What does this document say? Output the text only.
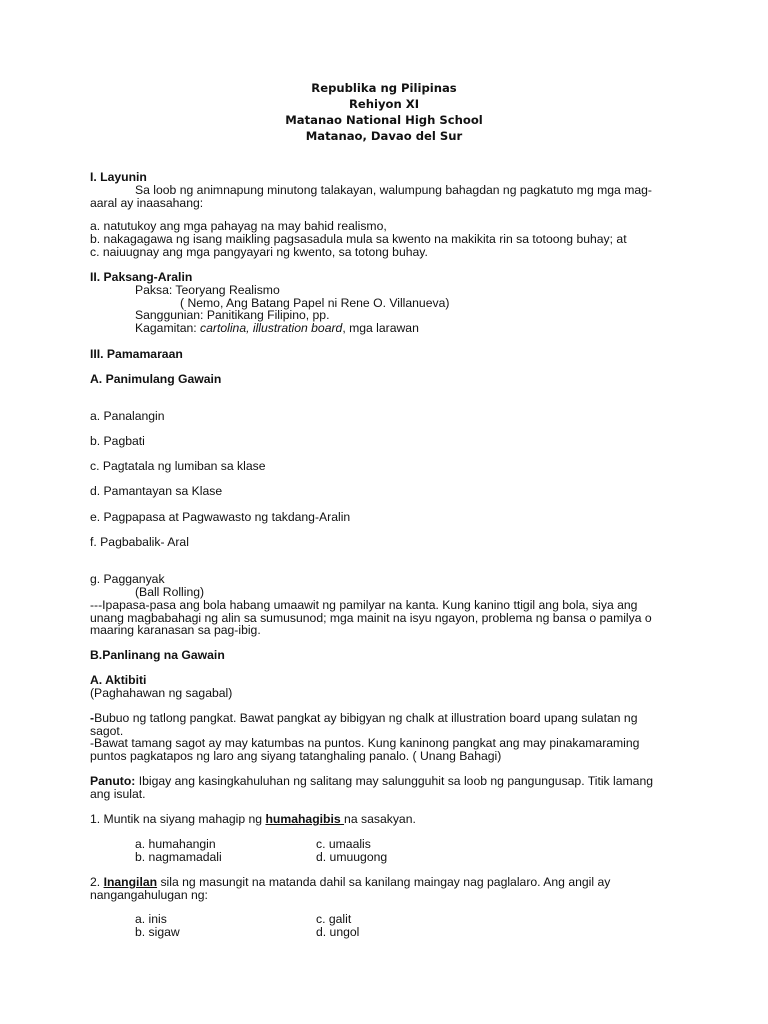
Republika ng Pilipinas
Rehiyon XI
Matanao National High School
Matanao, Davao del Sur
I. Layunin
Sa loob ng animnapung minutong talakayan, walumpung bahagdan ng pagkatuto mg mga mag-
aaral ay inaasahang:
a. natutukoy ang mga pahayag na may bahid realismo,
b. nakagagawa ng isang maikling pagsasadula mula sa kwento na makikita rin sa totoong buhay; at
c. naiuugnay ang mga pangyayari ng kwento, sa totong buhay.
II. Paksang-Aralin
Paksa: Teoryang Realismo
( Nemo, Ang Batang Papel ni Rene O. Villanueva)
Sanggunian: Panitikang Filipino, pp.
Kagamitan: cartolina, illustration board, mga larawan
III. Pamamaraan
A. Panimulang Gawain
a. Panalangin
b. Pagbati
c. Pagtatala ng lumiban sa klase
d. Pamantayan sa Klase
e. Pagpapasa at Pagwawasto ng takdang-Aralin
f. Pagbabalik- Aral
g. Pagganyak
(Ball Rolling)
---Ipapasa-pasa ang bola habang umaawit ng pamilyar na kanta. Kung kanino ttigil ang bola, siya ang
unang magbabahagi ng alin sa sumusunod; mga mainit na isyu ngayon, problema ng bansa o pamilya o
maaring karanasan sa pag-ibig.
B.Panlinang na Gawain
A. Aktibiti
(Paghahawan ng sagabal)
-Bubuo ng tatlong pangkat. Bawat pangkat ay bibigyan ng chalk at illustration board upang sulatan ng
sagot.
-Bawat tamang sagot ay may katumbas na puntos. Kung kaninong pangkat ang may pinakamaraming
puntos pagkatapos ng laro ang siyang tatanghaling panalo. ( Unang Bahagi)
Panuto: Ibigay ang kasingkahuluhan ng salitang may salungguhit sa loob ng pangungusap. Titik lamang
ang isulat.
1. Muntik na siyang mahagip ng humahagibis na sasakyan.
a. humahangin
b. nagmamadali
c. umaalis
d. umuugong
2. Inangilan sila ng masungit na matanda dahil sa kanilang maingay nag paglalaro. Ang angil ay
nangangahulugan ng:
a. inis
b. sigaw
c. galit
d. ungol
